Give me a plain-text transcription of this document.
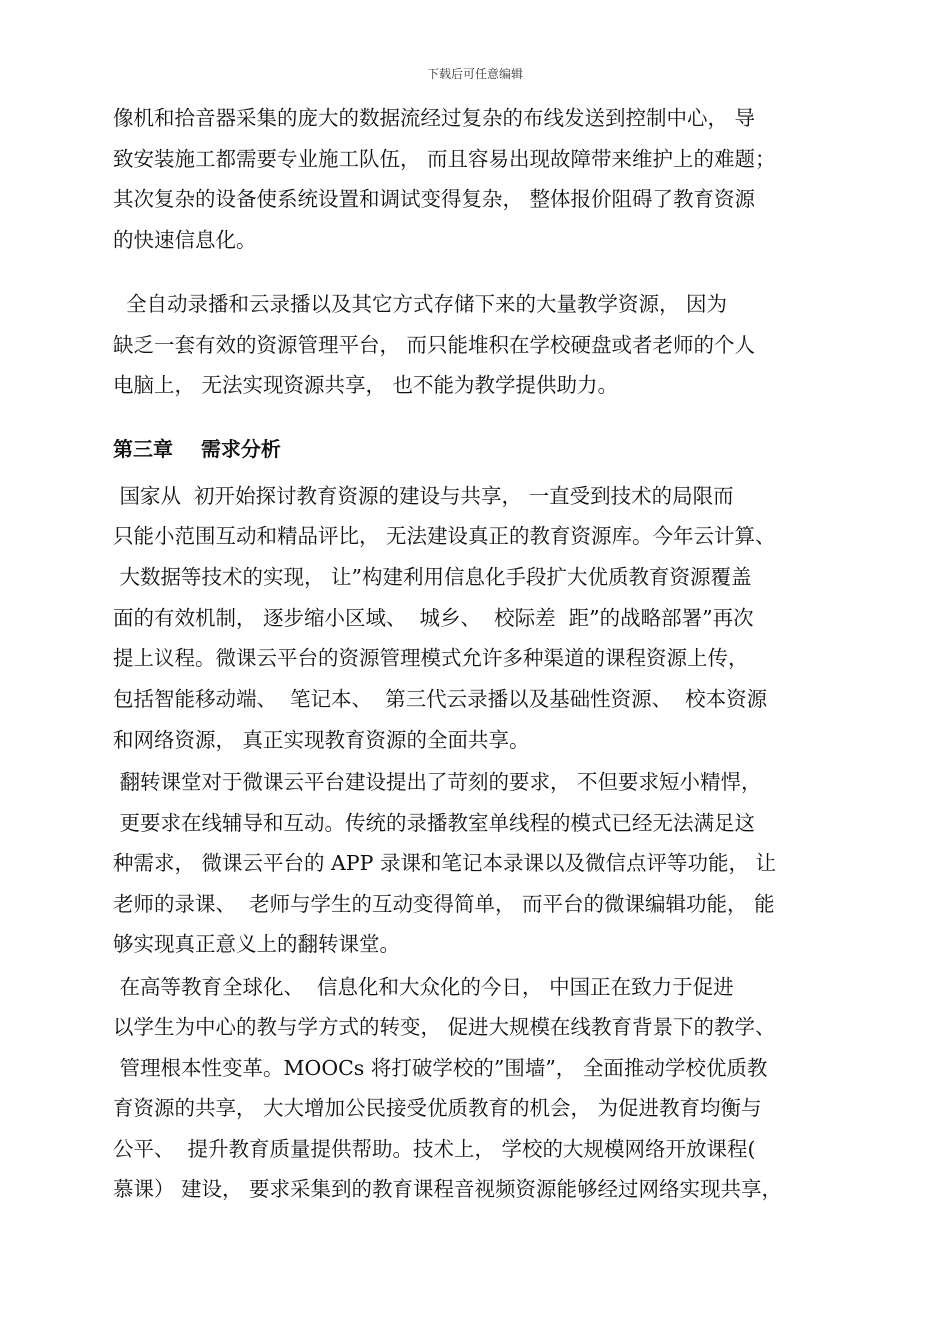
下载后可任意编辑
像机和拾音器采集的庞大的数据流经过复杂的布线发送到控制中心， 导
致安装施工都需要专业施工队伍， 而且容易出现故障带来维护上的难题；
其次复杂的设备使系统设置和调试变得复杂， 整体报价阻碍了教育资源
的快速信息化。
全自动录播和云录播以及其它方式存储下来的大量教学资源， 因为
缺乏一套有效的资源管理平台， 而只能堆积在学校硬盘或者老师的个人
电脑上， 无法实现资源共享， 也不能为教学提供助力。
第三章    需求分析
国家从  初开始探讨教育资源的建设与共享， 一直受到技术的局限而
只能小范围互动和精品评比， 无法建设真正的教育资源库。今年云计算、
大数据等技术的实现， 让”构建利用信息化手段扩大优质教育资源覆盖
面的有效机制， 逐步缩小区域、  城乡、  校际差  距”的战略部署”再次
提上议程。微课云平台的资源管理模式允许多种渠道的课程资源上传，
包括智能移动端、  笔记本、  第三代云录播以及基础性资源、  校本资源
和网络资源， 真正实现教育资源的全面共享。
翻转课堂对于微课云平台建设提出了苛刻的要求， 不但要求短小精悍，
更要求在线辅导和互动。传统的录播教室单线程的模式已经无法满足这
种需求， 微课云平台的 APP 录课和笔记本录课以及微信点评等功能， 让
老师的录课、  老师与学生的互动变得简单， 而平台的微课编辑功能， 能
够实现真正意义上的翻转课堂。
在高等教育全球化、  信息化和大众化的今日， 中国正在致力于促进
以学生为中心的教与学方式的转变， 促进大规模在线教育背景下的教学、
管理根本性变革。MOOCs 将打破学校的”围墙”， 全面推动学校优质教
育资源的共享， 大大增加公民接受优质教育的机会， 为促进教育均衡与
公平、  提升教育质量提供帮助。技术上， 学校的大规模网络开放课程(
慕课） 建设， 要求采集到的教育课程音视频资源能够经过网络实现共享，
